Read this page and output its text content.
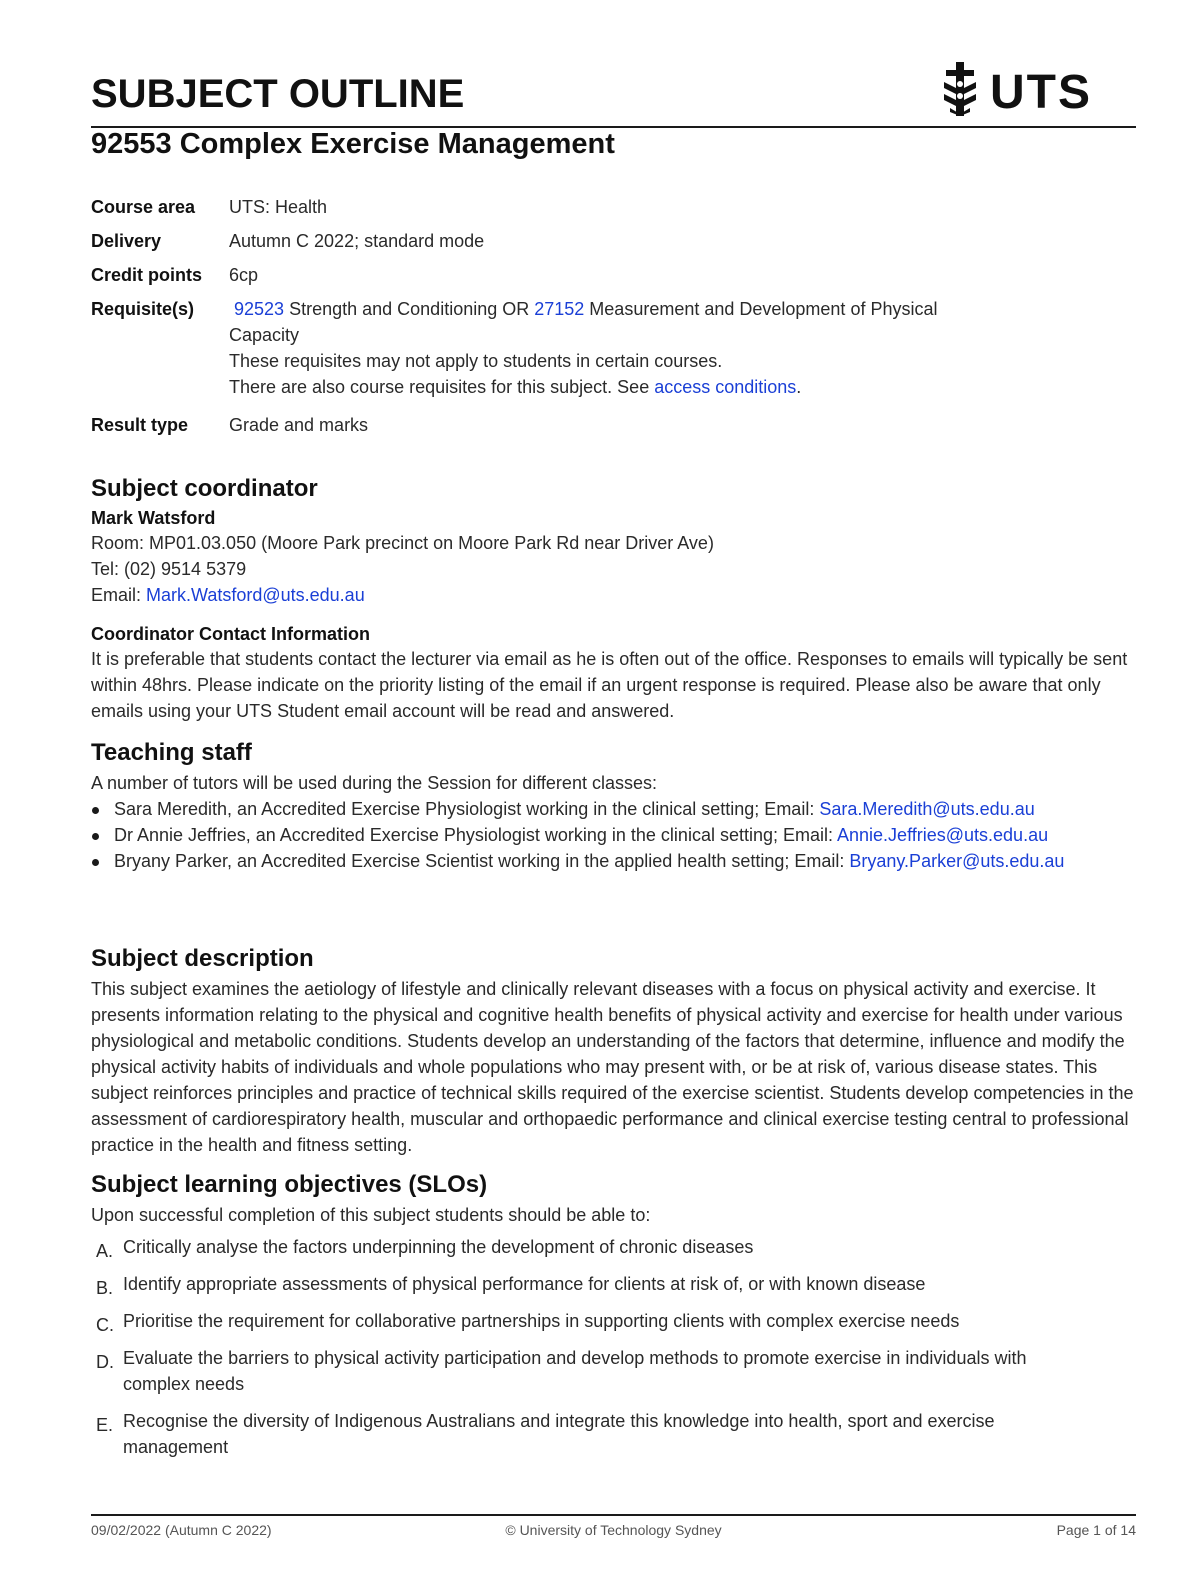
SUBJECT OUTLINE	UTS
92553 Complex Exercise Management
Course area	UTS: Health
Delivery	Autumn C 2022; standard mode
Credit points	6cp
Requisite(s)	92523 Strength and Conditioning OR 27152 Measurement and Development of Physical Capacity
These requisites may not apply to students in certain courses.
There are also course requisites for this subject. See access conditions.
Result type	Grade and marks
Subject coordinator
Mark Watsford

Room: MP01.03.050 (Moore Park precinct on Moore Park Rd near Driver Ave)

Tel: (02) 9514 5379

Email: Mark.Watsford@uts.edu.au

Coordinator Contact Information

It is preferable that students contact the lecturer via email as he is often out of the office. Responses to emails will typically be sent within 48hrs. Please indicate on the priority listing of the email if an urgent response is required. Please also be aware that only emails using your UTS Student email account will be read and answered.

Teaching staff

A number of tutors will be used during the Session for different classes:

Sara Meredith, an Accredited Exercise Physiologist working in the clinical setting; Email: Sara.Meredith@uts.edu.au
Dr Annie Jeffries, an Accredited Exercise Physiologist working in the clinical setting; Email: Annie.Jeffries@uts.edu.au
Bryany Parker, an Accredited Exercise Scientist working in the applied health setting; Email: Bryany.Parker@uts.edu.au
Subject description

This subject examines the aetiology of lifestyle and clinically relevant diseases with a focus on physical activity and exercise. It presents information relating to the physical and cognitive health benefits of physical activity and exercise for health under various physiological and metabolic conditions. Students develop an understanding of the factors that determine, influence and modify the physical activity habits of individuals and whole populations who may present with, or be at risk of, various disease states. This subject reinforces principles and practice of technical skills required of the exercise scientist. Students develop competencies in the assessment of cardiorespiratory health, muscular and orthopaedic performance and clinical exercise testing central to professional practice in the health and fitness setting.

Subject learning objectives (SLOs)

Upon successful completion of this subject students should be able to:

A. Critically analyse the factors underpinning the development of chronic diseases
B. Identify appropriate assessments of physical performance for clients at risk of, or with known disease
C. Prioritise the requirement for collaborative partnerships in supporting clients with complex exercise needs
D. Evaluate the barriers to physical activity participation and develop methods to promote exercise in individuals with complex needs
E. Recognise the diversity of Indigenous Australians and integrate this knowledge into health, sport and exercise management
09/02/2022 (Autumn C 2022)	© University of Technology Sydney	Page 1 of 14
